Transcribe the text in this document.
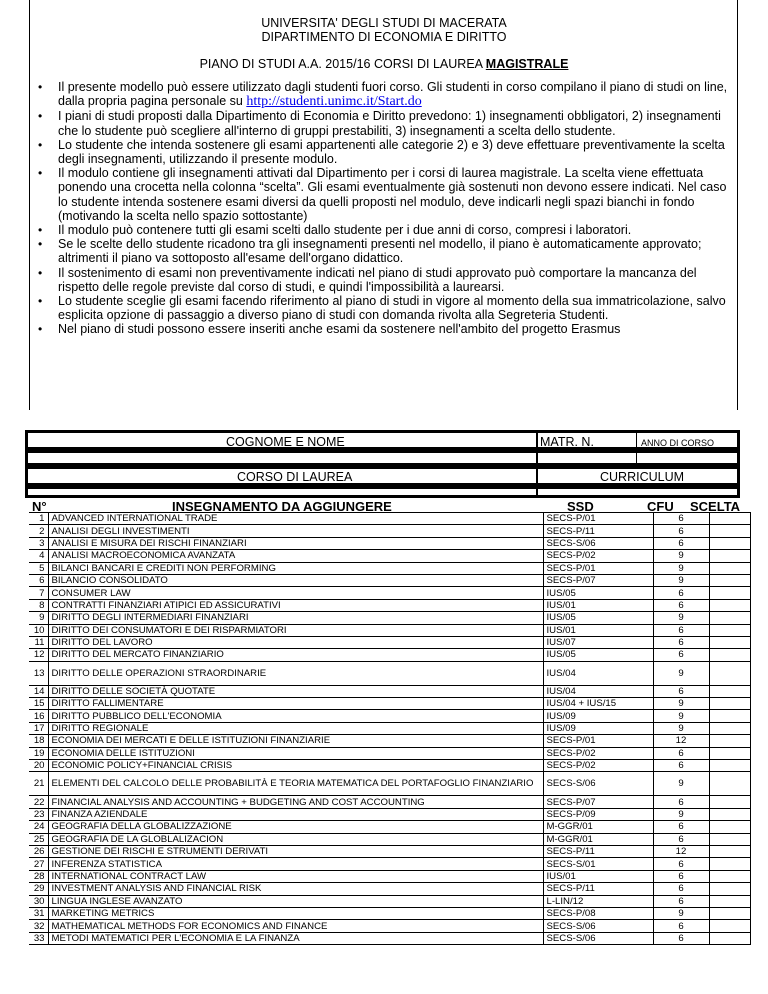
UNIVERSITA' DEGLI STUDI DI MACERATA
DIPARTIMENTO DI ECONOMIA E DIRITTO
PIANO DI STUDI A.A. 2015/16 CORSI DI LAUREA MAGISTRALE
• Il presente modello può essere utilizzato dagli studenti fuori corso. Gli studenti in corso compilano il piano di studi on line, dalla propria pagina personale su http://studenti.unimc.it/Start.do
• I piani di studi proposti dalla Dipartimento di Economia e Diritto prevedono: 1) insegnamenti obbligatori, 2) insegnamenti che lo studente può scegliere all'interno di gruppi prestabiliti, 3) insegnamenti a scelta dello studente.
• Lo studente che intenda sostenere gli esami appartenenti alle categorie 2) e 3) deve effettuare preventivamente la scelta degli insegnamenti, utilizzando il presente modulo.
• Il modulo contiene gli insegnamenti attivati dal Dipartimento per i corsi di laurea magistrale. La scelta viene effettuata ponendo una crocetta nella colonna “scelta”. Gli esami eventualmente già sostenuti non devono essere indicati. Nel caso lo studente intenda sostenere esami diversi da quelli proposti nel modulo, deve indicarli negli spazi bianchi in fondo (motivando la scelta nello spazio sottostante)
• Il modulo può contenere tutti gli esami scelti dallo studente per i due anni di corso, compresi i laboratori.
• Se le scelte dello studente ricadono tra gli insegnamenti presenti nel modello, il piano è automaticamente approvato; altrimenti il piano va sottoposto all'esame dell'organo didattico.
• Il sostenimento di esami non preventivamente indicati nel piano di studi approvato può comportare la mancanza del rispetto delle regole previste dal corso di studi, e quindi l'impossibilità a laurearsi.
• Lo studente sceglie gli esami facendo riferimento al piano di studi in vigore al momento della sua immatricolazione, salvo esplicita opzione di passaggio a diverso piano di studi con domanda rivolta alla Segreteria Studenti.
• Nel piano di studi possono essere inseriti anche esami da sostenere nell'ambito del progetto Erasmus
COGNOME E NOME	MATR. N.	ANNO DI CORSO
CORSO DI LAUREA	CURRICULUM
N°	INSEGNAMENTO DA AGGIUNGERE	SSD	CFU SCELTA
1	ADVANCED INTERNATIONAL TRADE	SECS-P/01	6	
2	ANALISI DEGLI INVESTIMENTI	SECS-P/11	6	
3	ANALISI E MISURA DEI RISCHI FINANZIARI	SECS-S/06	6	
4	ANALISI MACROECONOMICA AVANZATA	SECS-P/02	9	
5	BILANCI BANCARI E CREDITI NON PERFORMING	SECS-P/01	9	
6	BILANCIO CONSOLIDATO	SECS-P/07	9	
7	CONSUMER LAW	IUS/05	6	
8	CONTRATTI FINANZIARI ATIPICI ED ASSICURATIVI	IUS/01	6	
9	DIRITTO DEGLI INTERMEDIARI FINANZIARI	IUS/05	9	
10	DIRITTO DEI CONSUMATORI E DEI RISPARMIATORI	IUS/01	6	
11	DIRITTO DEL LAVORO	IUS/07	6	
12	DIRITTO DEL MERCATO FINANZIARIO	IUS/05	6	
13	DIRITTO DELLE OPERAZIONI STRAORDINARIE	IUS/04	9	
14	DIRITTO DELLE SOCIETÀ QUOTATE	IUS/04	6	
15	DIRITTO FALLIMENTARE	IUS/04 + IUS/15	9	
16	DIRITTO PUBBLICO DELL'ECONOMIA	IUS/09	9	
17	DIRITTO REGIONALE	IUS/09	9	
18	ECONOMIA DEI MERCATI E DELLE ISTITUZIONI FINANZIARIE	SECS-P/01	12	
19	ECONOMIA DELLE ISTITUZIONI	SECS-P/02	6	
20	ECONOMIC POLICY+FINANCIAL CRISIS	SECS-P/02	6	
21	ELEMENTI DEL CALCOLO DELLE PROBABILITÀ E TEORIA MATEMATICA DEL PORTAFOGLIO FINANZIARIO	SECS-S/06	9	
22	FINANCIAL ANALYSIS AND ACCOUNTING + BUDGETING AND COST ACCOUNTING	SECS-P/07	6	
23	FINANZA AZIENDALE	SECS-P/09	9	
24	GEOGRAFIA DELLA GLOBALIZZAZIONE	M-GGR/01	6	
25	GEOGRAFIA DE LA GLOBLALIZACION	M-GGR/01	6	
26	GESTIONE DEI RISCHI E STRUMENTI DERIVATI	SECS-P/11	12	
27	INFERENZA STATISTICA	SECS-S/01	6	
28	INTERNATIONAL CONTRACT LAW	IUS/01	6	
29	INVESTMENT ANALYSIS AND FINANCIAL RISK	SECS-P/11	6	
30	LINGUA INGLESE AVANZATO	L-LIN/12	6	
31	MARKETING METRICS	SECS-P/08	9	
32	MATHEMATICAL METHODS FOR ECONOMICS AND FINANCE	SECS-S/06	6	
33	METODI MATEMATICI PER L'ECONOMIA E LA FINANZA	SECS-S/06	6	
